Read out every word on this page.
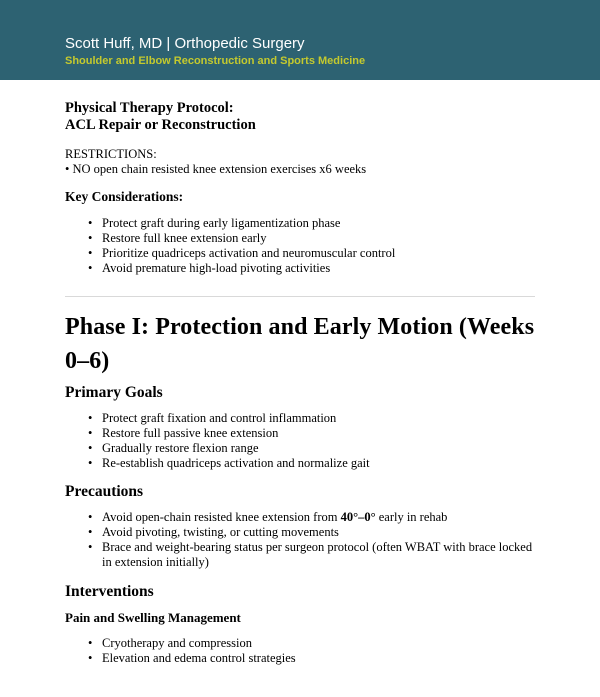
Scott Huff, MD | Orthopedic Surgery
Shoulder and Elbow Reconstruction and Sports Medicine

Physical Therapy Protocol:
ACL Repair or Reconstruction

RESTRICTIONS:
• NO open chain resisted knee extension exercises x6 weeks

Key Considerations:

• Protect graft during early ligamentization phase
• Restore full knee extension early
• Prioritize quadriceps activation and neuromuscular control
• Avoid premature high-load pivoting activities
Phase I: Protection and Early Motion (Weeks 0–6)
Primary Goals
• Protect graft fixation and control inflammation
• Restore full passive knee extension
• Gradually restore flexion range
• Re-establish quadriceps activation and normalize gait
Precautions
• Avoid open-chain resisted knee extension from 40°–0° early in rehab
• Avoid pivoting, twisting, or cutting movements
• Brace and weight-bearing status per surgeon protocol (often WBAT with brace locked in extension initially)
Interventions
Pain and Swelling Management
• Cryotherapy and compression
• Elevation and edema control strategies
